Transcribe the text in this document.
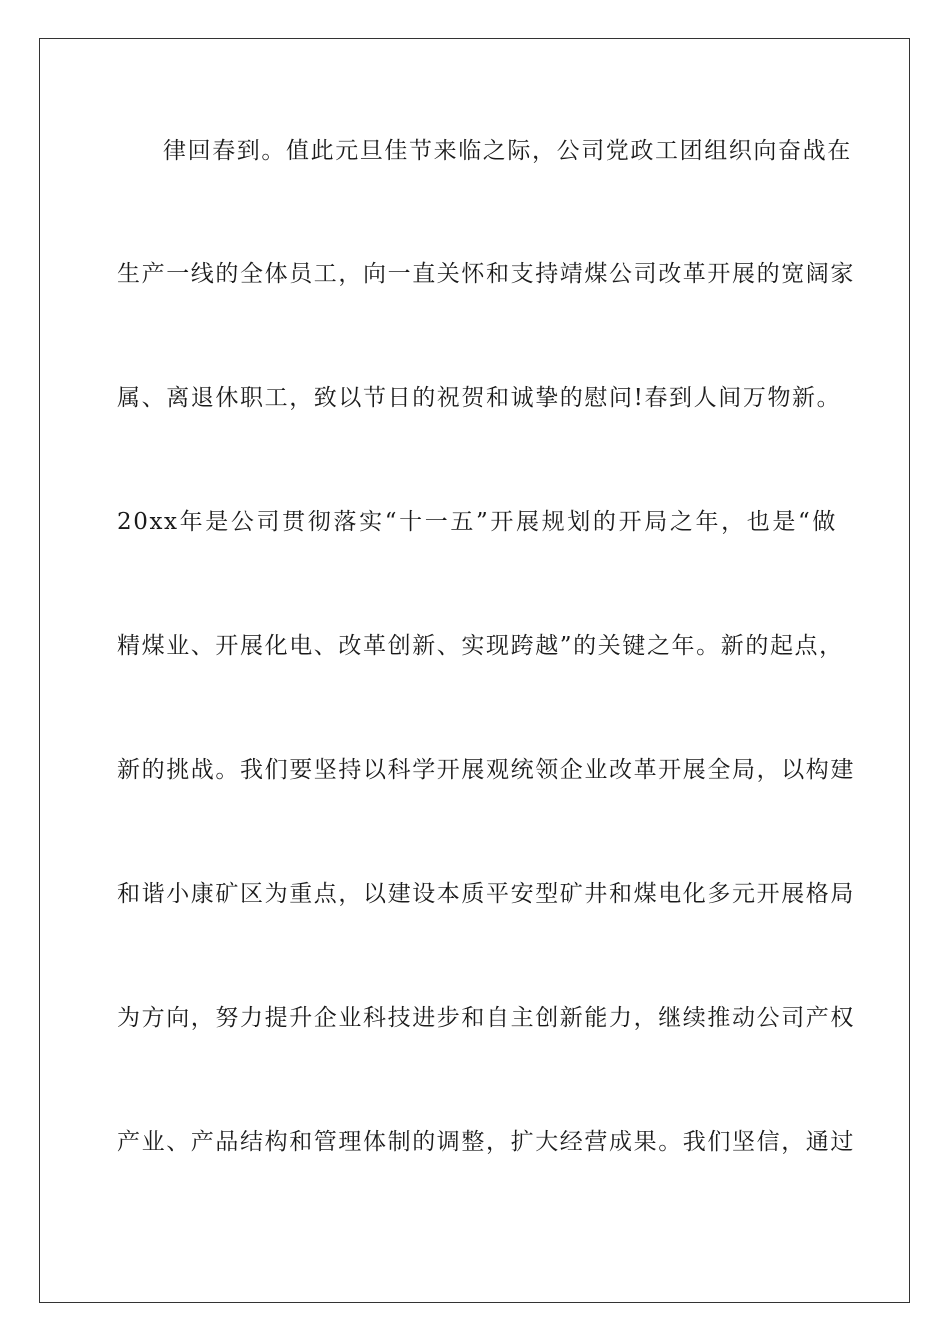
律回春到。值此元旦佳节来临之际，公司党政工团组织向奋战在
生产一线的全体员工，向一直关怀和支持靖煤公司改革开展的宽阔家
属、离退休职工，致以节日的祝贺和诚挚的慰问!春到人间万物新。
20xx年是公司贯彻落实“十一五”开展规划的开局之年，也是“做
精煤业、开展化电、改革创新、实现跨越”的关键之年。新的起点，
新的挑战。我们要坚持以科学开展观统领企业改革开展全局，以构建
和谐小康矿区为重点，以建设本质平安型矿井和煤电化多元开展格局
为方向，努力提升企业科技进步和自主创新能力，继续推动公司产权
产业、产品结构和管理体制的调整，扩大经营成果。我们坚信，通过
